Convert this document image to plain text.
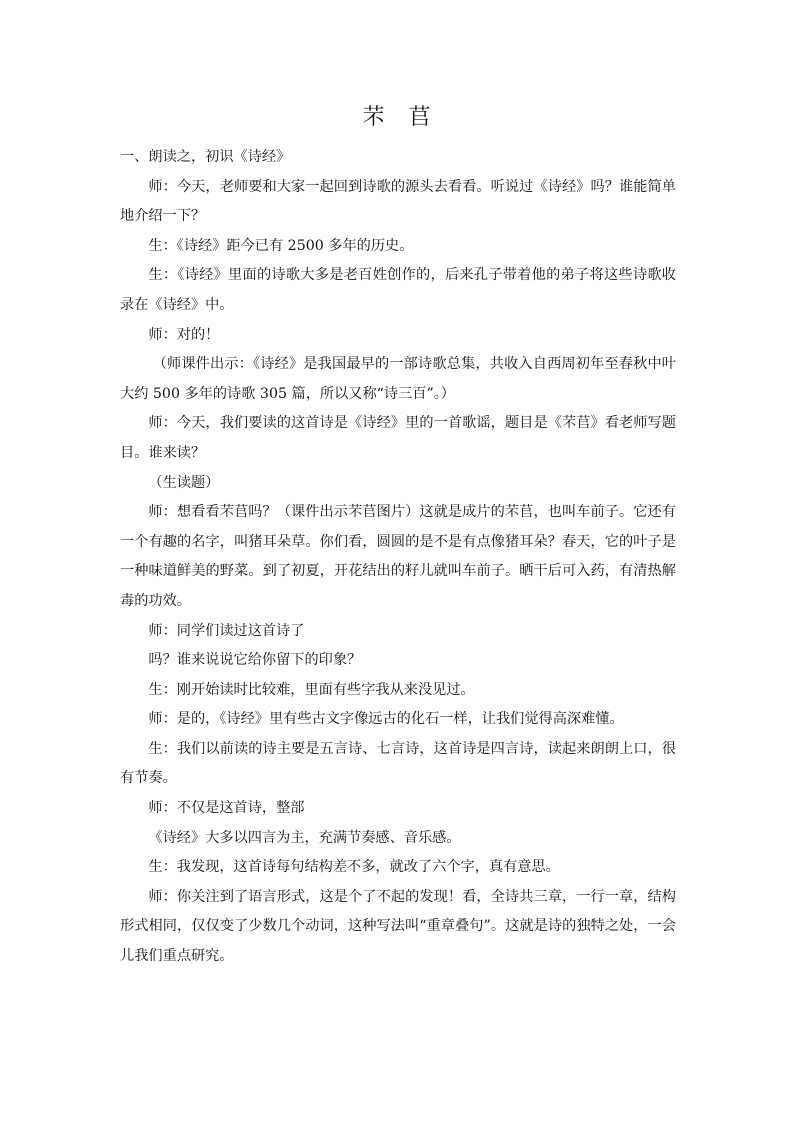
芣　苢

一、朗读之，初识《诗经》

师：今天，老师要和大家一起回到诗歌的源头去看看。听说过《诗经》吗？谁能简单地介绍一下？

生：《诗经》距今已有 2500 多年的历史。

生：《诗经》里面的诗歌大多是老百姓创作的，后来孔子带着他的弟子将这些诗歌收录在《诗经》中。

师：对的！

（师课件出示：《诗经》是我国最早的一部诗歌总集，共收入自西周初年至春秋中叶大约 500 多年的诗歌 305 篇，所以又称“诗三百”。）

师：今天，我们要读的这首诗是《诗经》里的一首歌谣，题目是《芣苢》看老师写题目。谁来读？

（生读题）

师：想看看芣苢吗？（课件出示芣苢图片）这就是成片的芣苢，也叫车前子。它还有一个有趣的名字，叫猪耳朵草。你们看，圆圆的是不是有点像猪耳朵？春天，它的叶子是一种味道鲜美的野菜。到了初夏，开花结出的籽儿就叫车前子。晒干后可入药，有清热解毒的功效。

师：同学们读过这首诗了

吗？谁来说说它给你留下的印象？

生：刚开始读时比较难，里面有些字我从来没见过。

师：是的，《诗经》里有些古文字像远古的化石一样，让我们觉得高深难懂。

生：我们以前读的诗主要是五言诗、七言诗，这首诗是四言诗，读起来朗朗上口，很有节奏。

师：不仅是这首诗，整部

《诗经》大多以四言为主，充满节奏感、音乐感。

生：我发现，这首诗每句结构差不多，就改了六个字，真有意思。

师：你关注到了语言形式，这是个了不起的发现！看，全诗共三章，一行一章，结构形式相同，仅仅变了少数几个动词，这种写法叫“重章叠句”。这就是诗的独特之处，一会儿我们重点研究。
